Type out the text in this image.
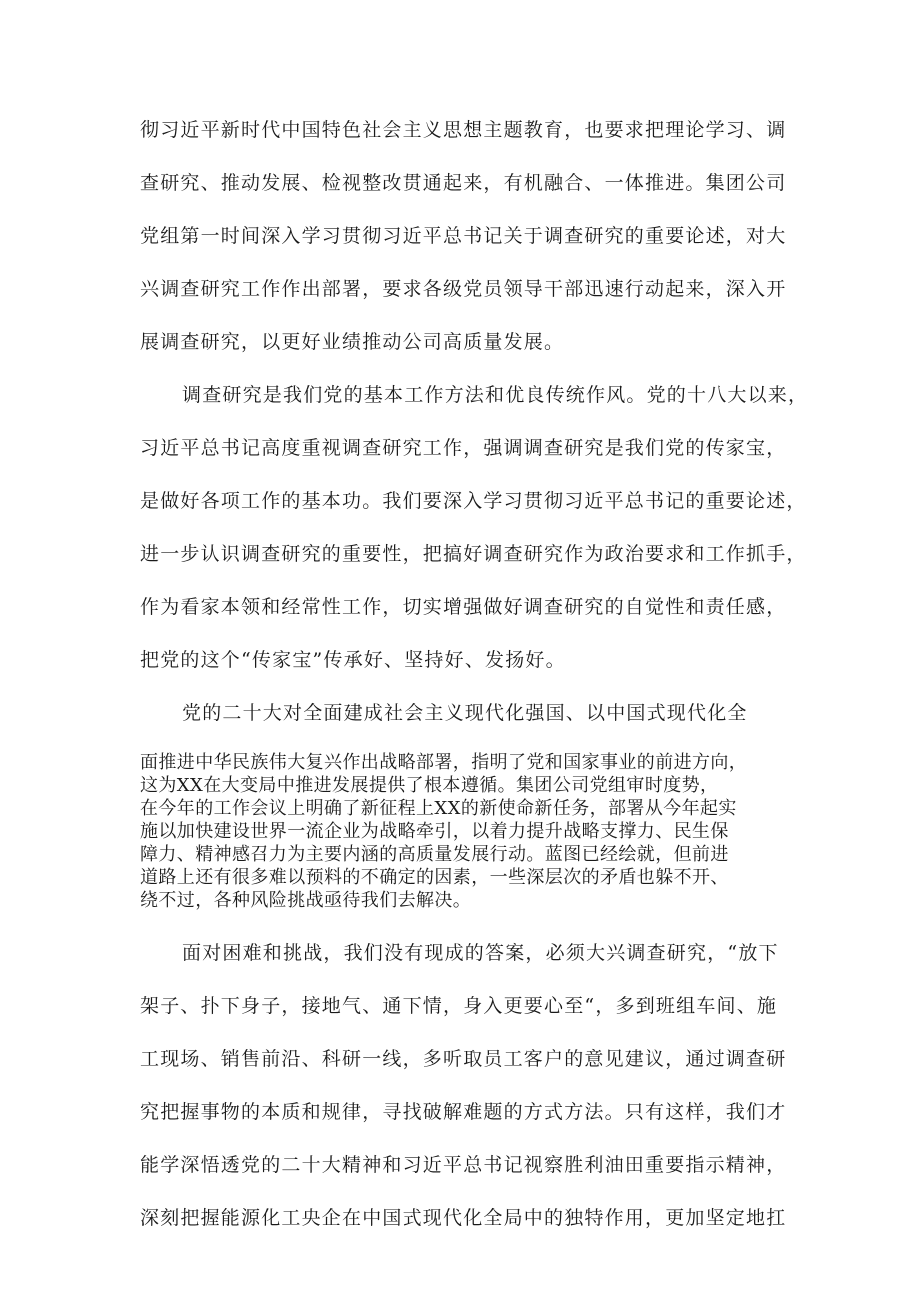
彻习近平新时代中国特色社会主义思想主题教育，也要求把理论学习、调
查研究、推动发展、检视整改贯通起来，有机融合、一体推进。集团公司
党组第一时间深入学习贯彻习近平总书记关于调查研究的重要论述，对大
兴调查研究工作作出部署，要求各级党员领导干部迅速行动起来，深入开
展调查研究，以更好业绩推动公司高质量发展。
调查研究是我们党的基本工作方法和优良传统作风。党的十八大以来，
习近平总书记高度重视调查研究工作，强调调查研究是我们党的传家宝，
是做好各项工作的基本功。我们要深入学习贯彻习近平总书记的重要论述，
进一步认识调查研究的重要性，把搞好调查研究作为政治要求和工作抓手，
作为看家本领和经常性工作，切实增强做好调查研究的自觉性和责任感，
把党的这个“传家宝”传承好、坚持好、发扬好。
党的二十大对全面建成社会主义现代化强国、以中国式现代化全
面推进中华民族伟大复兴作出战略部署，指明了党和国家事业的前进方向，
这为XX在大变局中推进发展提供了根本遵循。集团公司党组审时度势，
在今年的工作会议上明确了新征程上XX的新使命新任务，部署从今年起实
施以加快建设世界一流企业为战略牵引，以着力提升战略支撑力、民生保
障力、精神感召力为主要内涵的高质量发展行动。蓝图已经绘就，但前进
道路上还有很多难以预料的不确定的因素，一些深层次的矛盾也躲不开、
绕不过，各种风险挑战亟待我们去解决。
面对困难和挑战，我们没有现成的答案，必须大兴调查研究，“放下
架子、扑下身子，接地气、通下情，身入更要心至“，多到班组车间、施
工现场、销售前沿、科研一线，多听取员工客户的意见建议，通过调查研
究把握事物的本质和规律，寻找破解难题的方式方法。只有这样，我们才
能学深悟透党的二十大精神和习近平总书记视察胜利油田重要指示精神，
深刻把握能源化工央企在中国式现代化全局中的独特作用，更加坚定地扛
